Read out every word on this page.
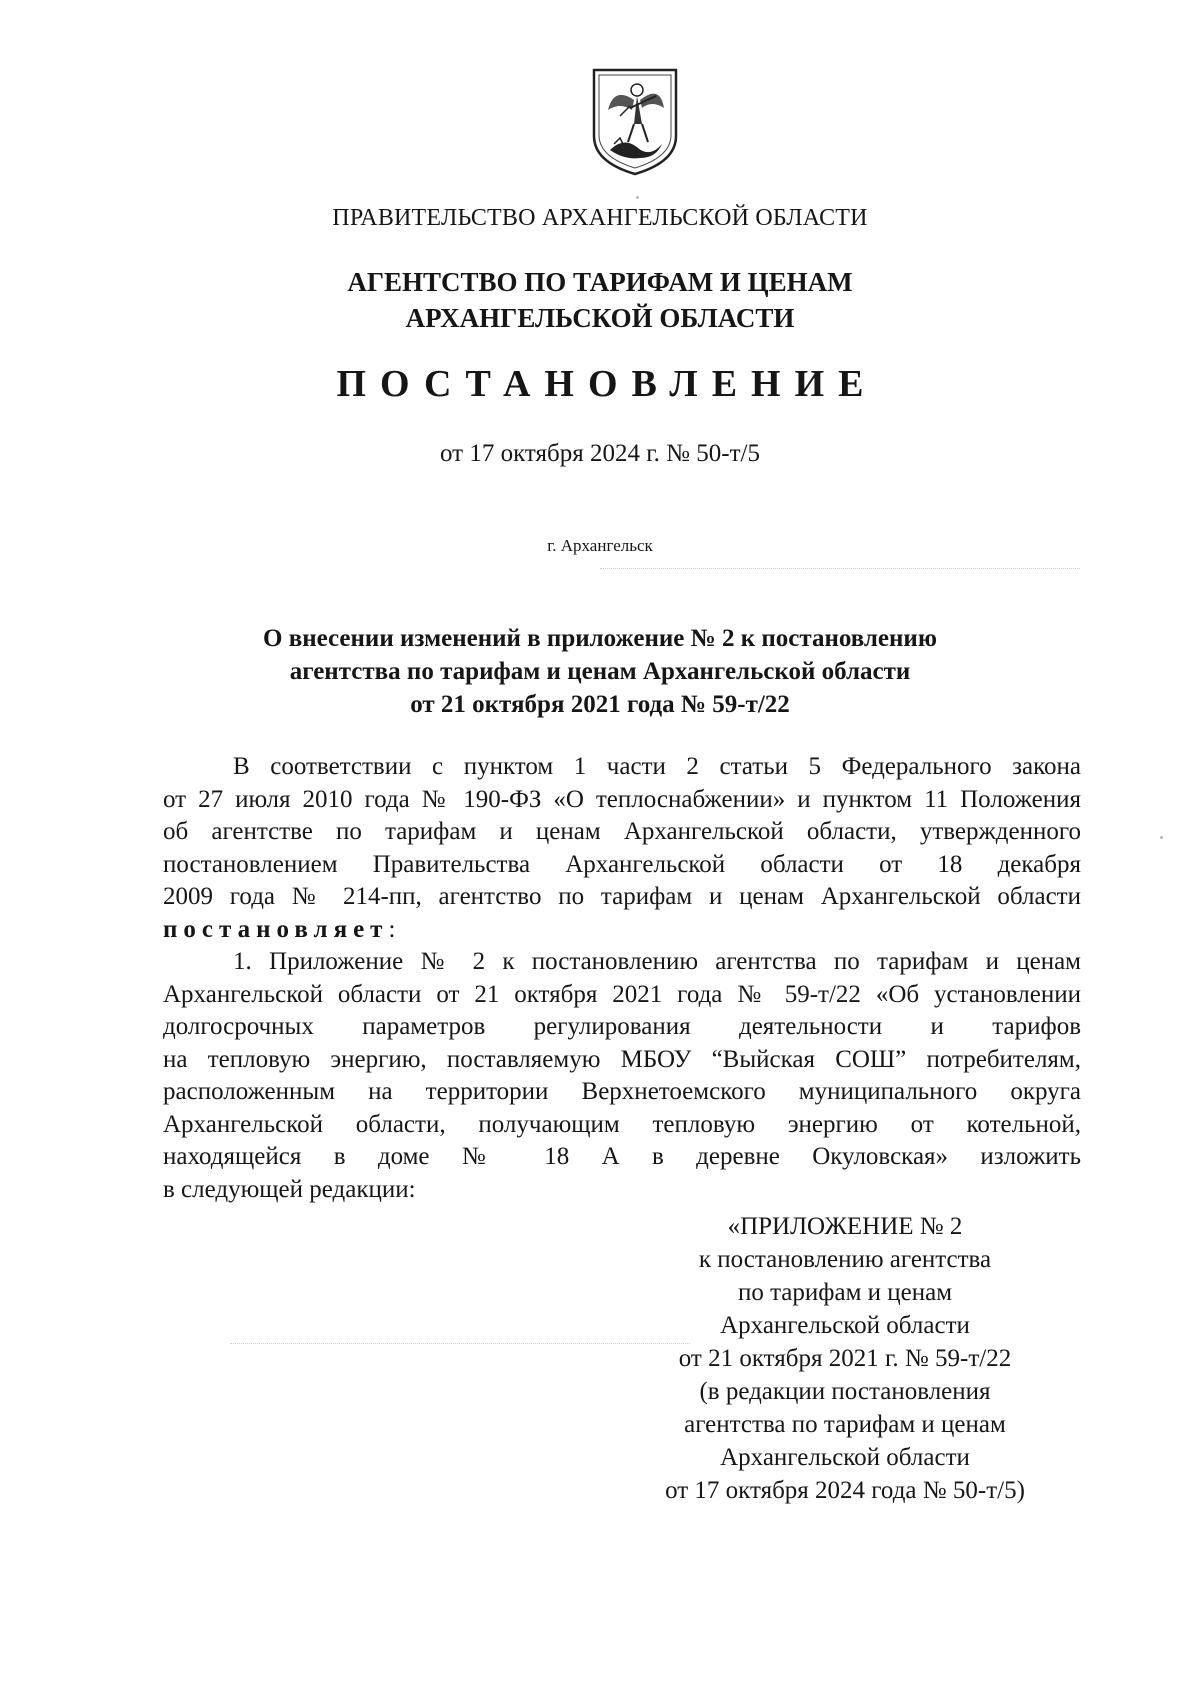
ПРАВИТЕЛЬСТВО АРХАНГЕЛЬСКОЙ ОБЛАСТИ
АГЕНТСТВО ПО ТАРИФАМ И ЦЕНАМ
АРХАНГЕЛЬСКОЙ ОБЛАСТИ
ПОСТАНОВЛЕНИЕ
от 17 октября 2024 г. № 50-т/5
г. Архангельск
О внесении изменений в приложение № 2 к постановлению
агентства по тарифам и ценам Архангельской области
от 21 октября 2021 года № 59-т/22

В соответствии с пунктом 1 части 2 статьи 5 Федерального закона

от 27 июля 2010 года № 190-ФЗ «О теплоснабжении» и пунктом 11 Положения

об агентстве по тарифам и ценам Архангельской области, утвержденного

постановлением Правительства Архангельской области от 18 декабря

2009 года № 214-пп, агентство по тарифам и ценам Архангельской области

постановляет:

1. Приложение № 2 к постановлению агентства по тарифам и ценам

Архангельской области от 21 октября 2021 года № 59-т/22 «Об установлении

долгосрочных параметров регулирования деятельности и тарифов

на тепловую энергию, поставляемую МБОУ “Выйская СОШ” потребителям,

расположенным на территории Верхнетоемского муниципального округа

Архангельской области, получающим тепловую энергию от котельной,

находящейся в доме № 18 А в деревне Окуловская» изложить

в следующей редакции:

«ПРИЛОЖЕНИЕ № 2
к постановлению агентства
по тарифам и ценам
Архангельской области
от 21 октября 2021 г. № 59-т/22
(в редакции постановления
агентства по тарифам и ценам
Архангельской области
от 17 октября 2024 года № 50-т/5)
